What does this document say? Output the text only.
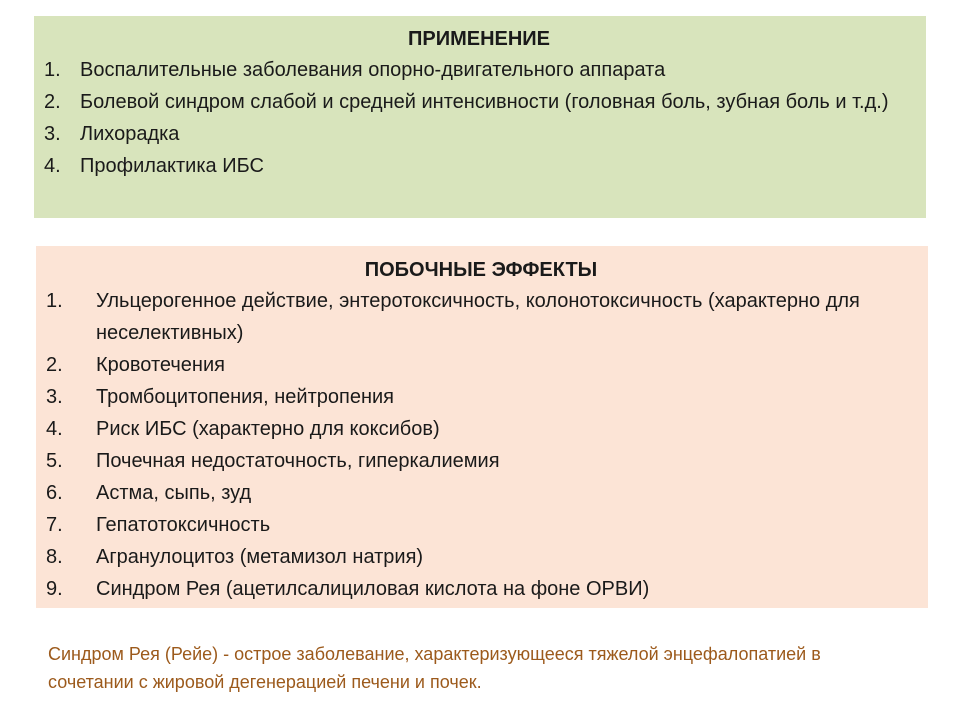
ПРИМЕНЕНИЕ
1. Воспалительные заболевания опорно-двигательного аппарата
2. Болевой синдром слабой и средней интенсивности (головная боль, зубная боль и т.д.)
3. Лихорадка
4. Профилактика ИБС
ПОБОЧНЫЕ ЭФФЕКТЫ
1. Ульцерогенное действие, энтеротоксичность, колонотоксичность (характерно для неселективных)
2. Кровотечения
3. Тромбоцитопения, нейтропения
4. Риск ИБС (характерно для коксибов)
5. Почечная недостаточность, гиперкалиемия
6. Астма, сыпь, зуд
7. Гепатотоксичность
8. Агранулоцитоз (метамизол натрия)
9. Синдром Рея (ацетилсалициловая кислота на фоне ОРВИ)
Синдром Рея (Рейе) - острое заболевание, характеризующееся тяжелой энцефалопатией в сочетании с жировой дегенерацией печени и почек.
